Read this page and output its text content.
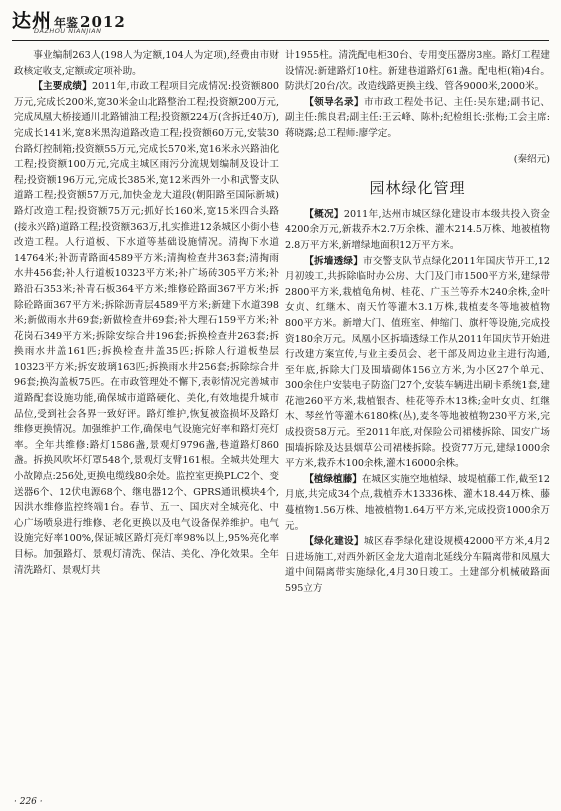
达州 年鉴 2012
DAZHOU NIANJIAN

事业编制263人(198人为定额,104人为定项),经费由市财政核定收支,定额或定项补助。

【主要成绩】2011年,市政工程项目完成情况:投资额800万元,完成长200米,宽30米金山北路整治工程;投资额200万元,完成凤凰大桥接通川北路铺油工程;投资额224万(含拆迁40万),完成长141米,宽8米黑沟道路改造工程;投资额60万元,安装30台路灯控制箱;投资额55万元,完成长570米,宽16米永兴路油化工程;投资额100万元,完成主城区雨污分流规划编制及设计工程;投资额196万元,完成长385米,宽12米西外一小和武警支队道路工程;投资额57万元,加快金龙大道段(朝阳路至国际新城)路灯改造工程;投资额75万元;抓好长160米,宽15米四合头路(接永兴路)道路工程;投资额363万,扎实推进12条城区小街小巷改造工程。人行道板、下水道等基础设施情况。清掏下水道14764米;补沥青路面4589平方米;清掏检查井363套;清掏雨水井456套;补人行道板10323平方米;补广场砖305平方米;补路沿石353米;补青石板364平方米;维修砼路面367平方米;拆除砼路面367平方米;拆除沥青层4589平方米;新建下水道398米;新做雨水井69套;新做检查井69套;补大理石159平方米;补花岗石349平方米;拆除安综合井196套;拆换检查井263套;拆换雨水井盖161匹;拆换检查井盖35匹;拆除人行道板垫层10323平方米;拆安玻璃163匹;拆换雨水井256套;拆除综合井96套;换沟盖板75匹。在市政管理处不懈下,表彰情况完善城市道路配套设施功能,确保城市道路硬化、美化,有效地提升城市品位,受到社会各界一致好评。路灯维护,恢复被盗损坏及路灯维修更换情况。加强维护工作,确保电气设施完好率和路灯亮灯率。全年共维修:路灯1586盏,景观灯9796盏,巷道路灯860盏。拆换风吹坏灯罩548个,景观灯支臂161根。全城共处理大小故障点:256处,更换电缆线80余处。监控室更换PLC2个、变送器6个、12伏电源68个、继电器12个、GPRS通讯模块4个,因洪水维修监控终端1台。春节、五一、国庆对全城亮化、中心广场喷泉进行维修、老化更换以及电气设备保养维护。电气设施完好率100%,保证城区路灯亮灯率98%以上,95%亮化率目标。加强路灯、景观灯清洗、保洁、美化、净化效果。全年清洗路灯、景观灯共

计1955柱。清洗配电柜30台、专用变压器房3座。路灯工程建设情况:新建路灯10柱。新建巷道路灯61盏。配电柜(箱)4台。防洪灯20台/次。改造线路更换主线、管各9000米,2000米。

【领导名录】市市政工程处书记、主任:吴东建;副书记、副主任:熊良君;副主任:王云峰、陈朴;纪检组长:张梅;工会主席:蒋晓露;总工程师:廖学定。

(秦绍元)
园林绿化管理

【概况】2011年,达州市城区绿化建设市本级共投入资金4200余万元,新栽乔木2.7万余株、灌木214.5万株、地被植物2.8万平方米,新增绿地面积12万平方米。

【拆墙透绿】市交警支队节点绿化2011年国庆节开工,12月初竣工,共拆除临时办公房、大门及门市1500平方米,建绿带2800平方米,栽植龟角树、桂花、广玉兰等乔木240余株,金叶女贞、红继木、南天竹等灌木3.1万株,栽植麦冬等地被植物800平方米。新增大门、值班室、伸缩门、旗杆等设施,完成投资180余万元。凤凰小区拆墙透绿工作从2011年国庆节开始进行改建方案宣传,与业主委员会、老干部及周边业主进行沟通,至年底,拆除大门及围墙砌体156立方米,为小区27个单元、300余住户安装电子防盗门27个,安装车辆进出刷卡系统1套,建花池260平方米,栽植银杏、桂花等乔木13株;金叶女贞、红继木、琴丝竹等灌木6180株(丛),麦冬等地被植物230平方米,完成投资58万元。至2011年底,对保险公司裙楼拆除、国安广场围墙拆除及达县烟草公司裙楼拆除。投资77万元,建绿1000余平方米,栽乔木100余株,灌木16000余株。

【植绿植藤】在城区实施空地植绿、坡堤植藤工作,截至12月底,共完成34个点,栽植乔木13336株、灌木18.44万株、藤蔓植物1.56万株、地被植物1.64万平方米,完成投资1000余万元。

【绿化建设】城区春季绿化建设规模42000平方米,4月2日进场施工,对西外新区金龙大道南北延线分车隔离带和凤凰大道中间隔离带实施绿化,4月30日竣工。土建部分机械破路面595立方

· 226 ·
